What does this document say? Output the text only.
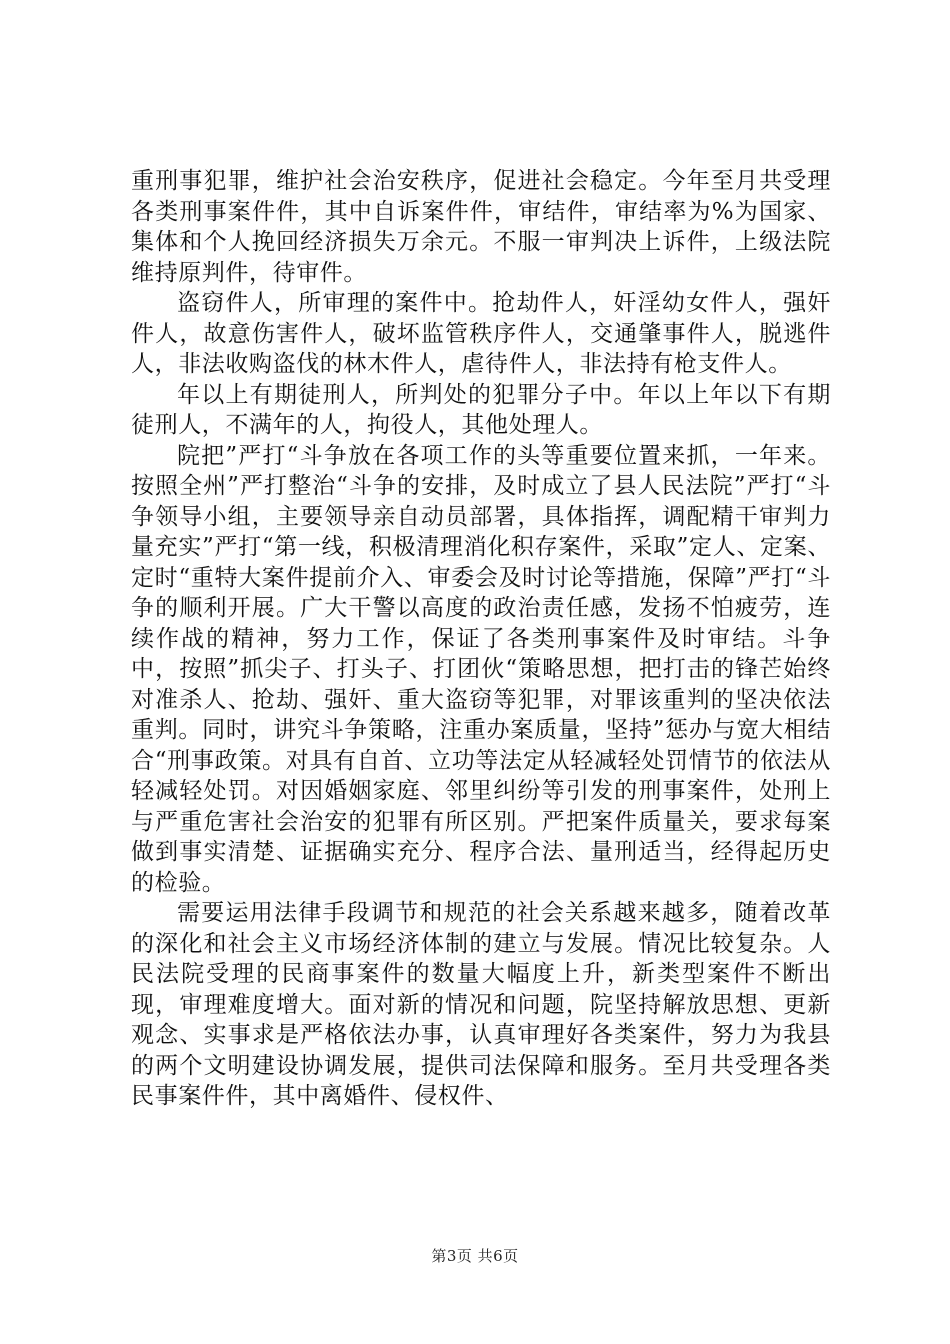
重刑事犯罪，维护社会治安秩序，促进社会稳定。今年至月共受理各类刑事案件件，其中自诉案件件，审结件，审结率为%为国家、集体和个人挽回经济损失万余元。不服一审判决上诉件，上级法院维持原判件，待审件。

盗窃件人，所审理的案件中。抢劫件人，奸淫幼女件人，强奸件人，故意伤害件人，破坏监管秩序件人，交通肇事件人，脱逃件人，非法收购盗伐的林木件人，虐待件人，非法持有枪支件人。

年以上有期徒刑人，所判处的犯罪分子中。年以上年以下有期徒刑人，不满年的人，拘役人，其他处理人。

院把”严打“斗争放在各项工作的头等重要位置来抓，一年来。按照全州”严打整治“斗争的安排，及时成立了县人民法院”严打“斗争领导小组，主要领导亲自动员部署，具体指挥，调配精干审判力量充实”严打“第一线，积极清理消化积存案件，采取”定人、定案、定时“重特大案件提前介入、审委会及时讨论等措施，保障”严打“斗争的顺利开展。广大干警以高度的政治责任感，发扬不怕疲劳，连续作战的精神，努力工作，保证了各类刑事案件及时审结。斗争中，按照”抓尖子、打头子、打团伙“策略思想，把打击的锋芒始终对准杀人、抢劫、强奸、重大盗窃等犯罪，对罪该重判的坚决依法重判。同时，讲究斗争策略，注重办案质量，坚持”惩办与宽大相结合“刑事政策。对具有自首、立功等法定从轻减轻处罚情节的依法从轻减轻处罚。对因婚姻家庭、邻里纠纷等引发的刑事案件，处刑上与严重危害社会治安的犯罪有所区别。严把案件质量关，要求每案做到事实清楚、证据确实充分、程序合法、量刑适当，经得起历史的检验。

需要运用法律手段调节和规范的社会关系越来越多，随着改革的深化和社会主义市场经济体制的建立与发展。情况比较复杂。人民法院受理的民商事案件的数量大幅度上升，新类型案件不断出现，审理难度增大。面对新的情况和问题，院坚持解放思想、更新观念、实事求是严格依法办事，认真审理好各类案件，努力为我县的两个文明建设协调发展，提供司法保障和服务。至月共受理各类民事案件件，其中离婚件、侵权件、

第3页 共6页
